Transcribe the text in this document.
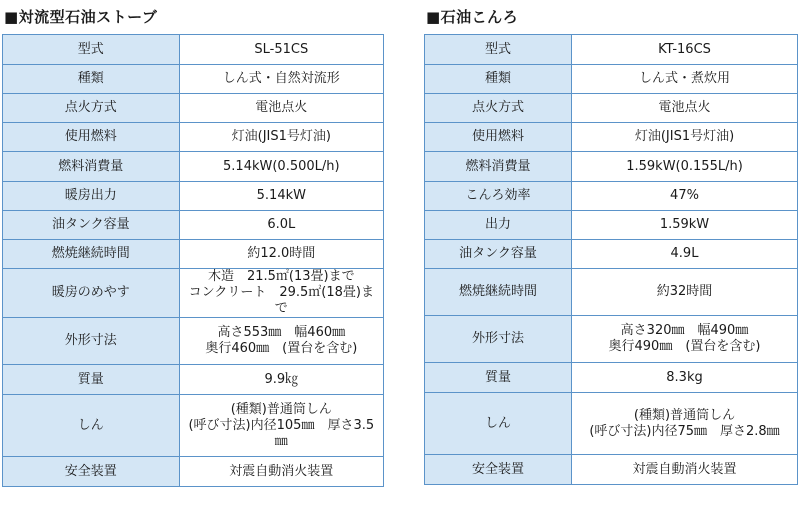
■対流型石油ストーブ
型式	SL-51CS
種類	しん式・自然対流形
点火方式	電池点火
使用燃料	灯油(JIS1号灯油)
燃料消費量	5.14kW(0.500L/h)
暖房出力	5.14kW
油タンク容量	6.0L
燃焼継続時間	約12.0時間
暖房のめやす	木造　21.5㎡(13畳)まで
コンクリート　29.5㎡(18畳)まで
外形寸法	高さ553㎜　幅460㎜
奥行460㎜　(置台を含む)
質量	9.9㎏
しん	(種類)普通筒しん
(呼び寸法)内径105㎜　厚さ3.5㎜
安全装置	対震自動消火装置
■石油こんろ
型式	KT-16CS
種類	しん式・煮炊用
点火方式	電池点火
使用燃料	灯油(JIS1号灯油)
燃料消費量	1.59kW(0.155L/h)
こんろ効率	47%
出力	1.59kW
油タンク容量	4.9L
燃焼継続時間	約32時間
外形寸法	高さ320㎜　幅490㎜
奥行490㎜　(置台を含む)
質量	8.3kg
しん	(種類)普通筒しん
(呼び寸法)内径75㎜　厚さ2.8㎜
安全装置	対震自動消火装置
